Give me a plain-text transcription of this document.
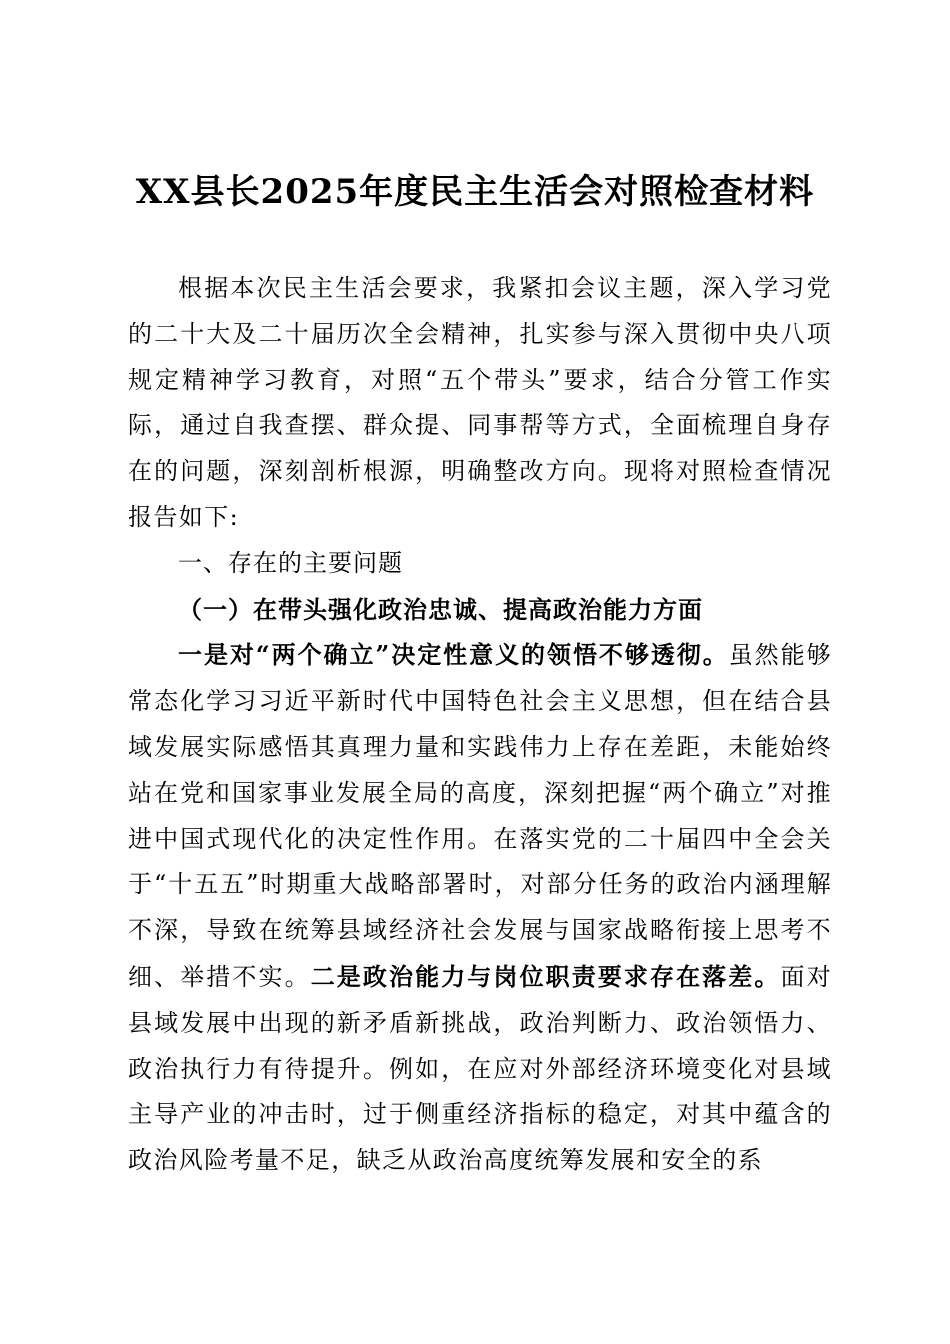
XX县长2025年度民主生活会对照检查材料

根据本次民主生活会要求，我紧扣会议主题，深入学习党的二十大及二十届历次全会精神，扎实参与深入贯彻中央八项规定精神学习教育，对照“五个带头”要求，结合分管工作实际，通过自我查摆、群众提、同事帮等方式，全面梳理自身存在的问题，深刻剖析根源，明确整改方向。现将对照检查情况报告如下:

一、存在的主要问题

（一）在带头强化政治忠诚、提高政治能力方面

一是对“两个确立”决定性意义的领悟不够透彻。虽然能够常态化学习习近平新时代中国特色社会主义思想，但在结合县域发展实际感悟其真理力量和实践伟力上存在差距，未能始终站在党和国家事业发展全局的高度，深刻把握“两个确立”对推进中国式现代化的决定性作用。在落实党的二十届四中全会关于“十五五”时期重大战略部署时，对部分任务的政治内涵理解不深，导致在统筹县域经济社会发展与国家战略衔接上思考不细、举措不实。二是政治能力与岗位职责要求存在落差。面对县域发展中出现的新矛盾新挑战，政治判断力、政治领悟力、政治执行力有待提升。例如，在应对外部经济环境变化对县域主导产业的冲击时，过于侧重经济指标的稳定，对其中蕴含的政治风险考量不足，缺乏从政治高度统筹发展和安全的系
